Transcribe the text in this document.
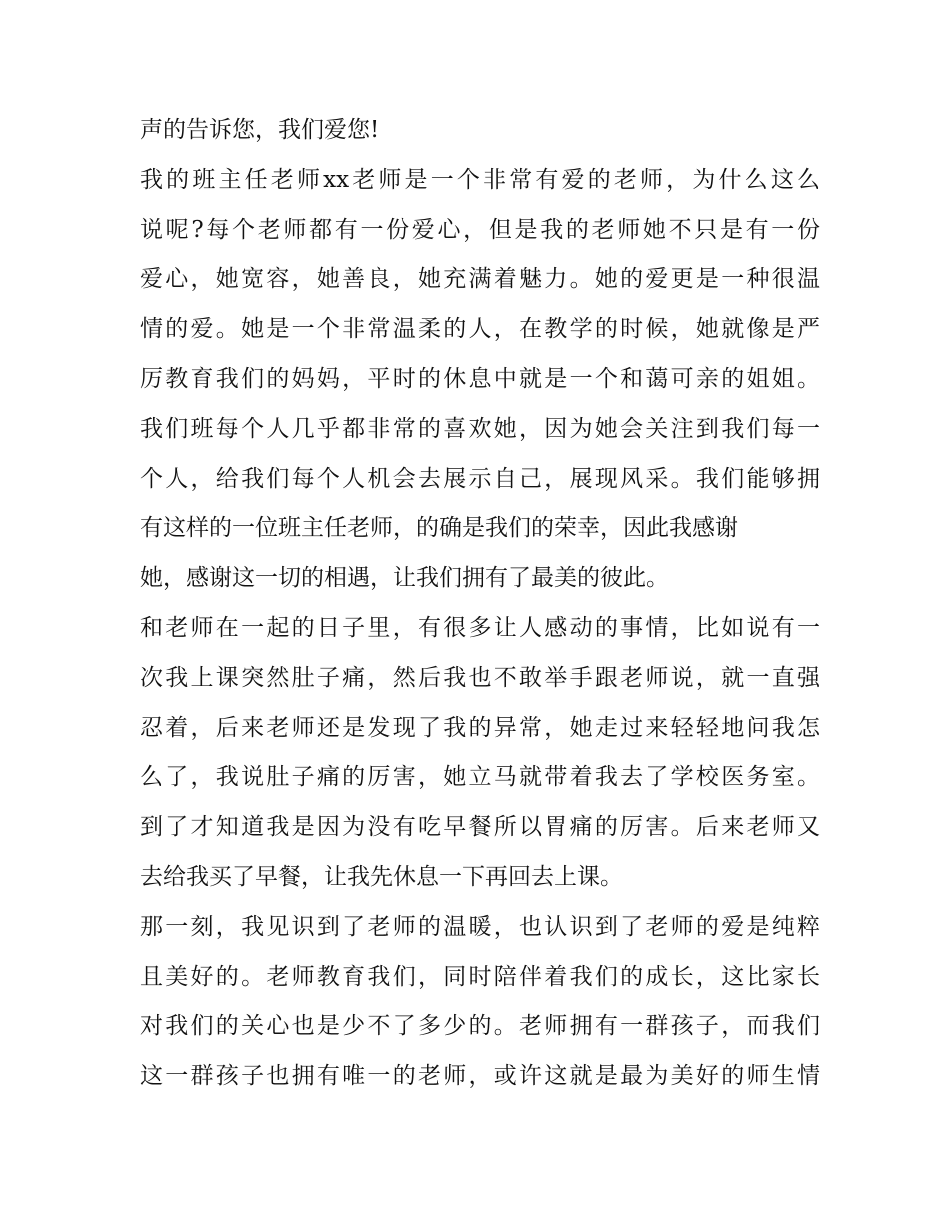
声的告诉您，我们爱您!
我的班主任老师xx老师是一个非常有爱的老师，为什么这么
说呢?每个老师都有一份爱心，但是我的老师她不只是有一份
爱心，她宽容，她善良，她充满着魅力。她的爱更是一种很温
情的爱。她是一个非常温柔的人，在教学的时候，她就像是严
厉教育我们的妈妈，平时的休息中就是一个和蔼可亲的姐姐。
我们班每个人几乎都非常的喜欢她，因为她会关注到我们每一
个人，给我们每个人机会去展示自己，展现风采。我们能够拥
有这样的一位班主任老师，的确是我们的荣幸，因此我感谢
她，感谢这一切的相遇，让我们拥有了最美的彼此。
和老师在一起的日子里，有很多让人感动的事情，比如说有一
次我上课突然肚子痛，然后我也不敢举手跟老师说，就一直强
忍着，后来老师还是发现了我的异常，她走过来轻轻地问我怎
么了，我说肚子痛的厉害，她立马就带着我去了学校医务室。
到了才知道我是因为没有吃早餐所以胃痛的厉害。后来老师又
去给我买了早餐，让我先休息一下再回去上课。
那一刻，我见识到了老师的温暖，也认识到了老师的爱是纯粹
且美好的。老师教育我们，同时陪伴着我们的成长，这比家长
对我们的关心也是少不了多少的。老师拥有一群孩子，而我们
这一群孩子也拥有唯一的老师，或许这就是最为美好的师生情
